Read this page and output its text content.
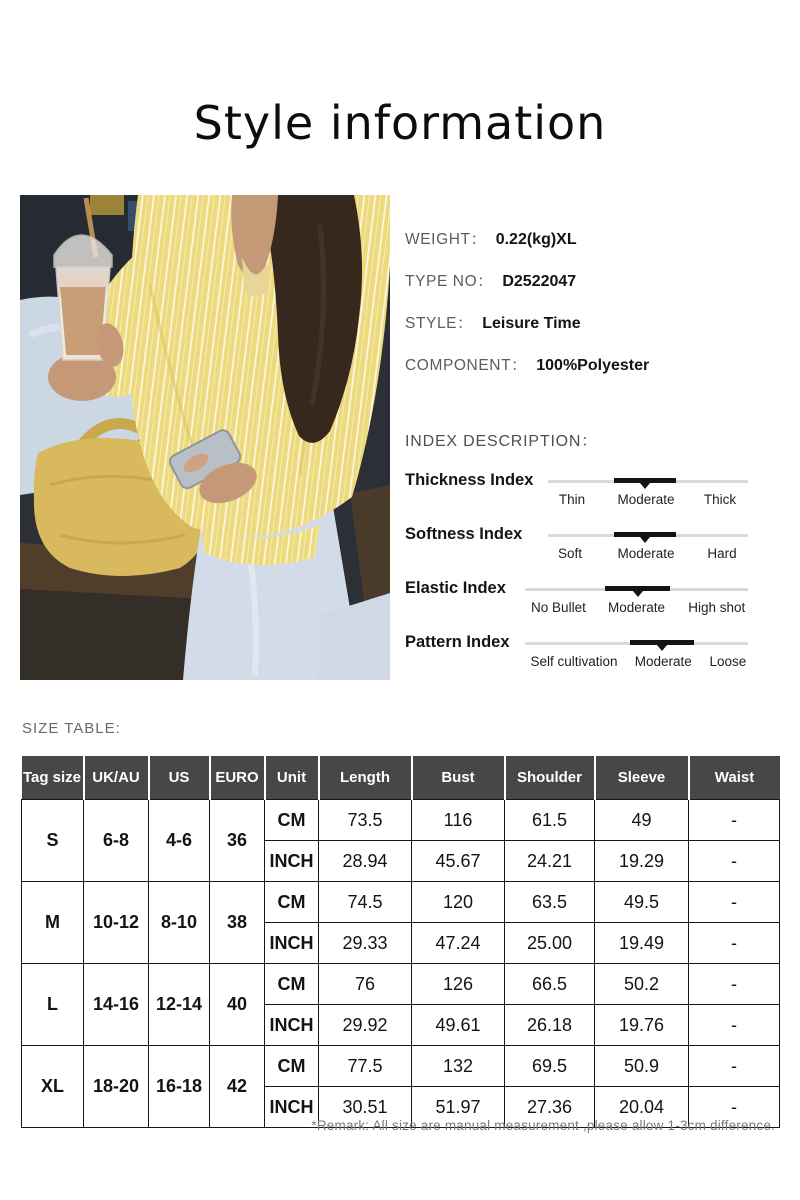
Style information
WEIGHT： 0.22(kg)XL
TYPE NO： D2522047
STYLE： Leisure Time
COMPONENT： 100%Polyester
INDEX DESCRIPTION：
Thickness Index
Thin Moderate Thick
Softness Index
Soft	Moderate Hard
Elastic Index
No Bullet Moderate High shot
Pattern Index
Self cultivation Moderate Loose
SIZE TABLE:
Tag size	UK/AU	US	EURO	Unit	Length	Bust	Shoulder	Sleeve	Waist
S	6-8	4-6	36	CM	73.5	116	61.5	49	-
				INCH	28.94	45.67	24.21	19.29	-
M	10-12	8-10	38	CM	74.5	120	63.5	49.5	-
				INCH	29.33	47.24	25.00	19.49	-
L	14-16	12-14	40	CM	76	126	66.5	50.2	-
				INCH	29.92	49.61	26.18	19.76	-
XL	18-20	16-18	42	CM	77.5	132	69.5	50.9	-
				INCH	30.51	51.97	27.36	20.04	-
*Remark: All size are manual measurement ,please allow 1-3cm difference.
